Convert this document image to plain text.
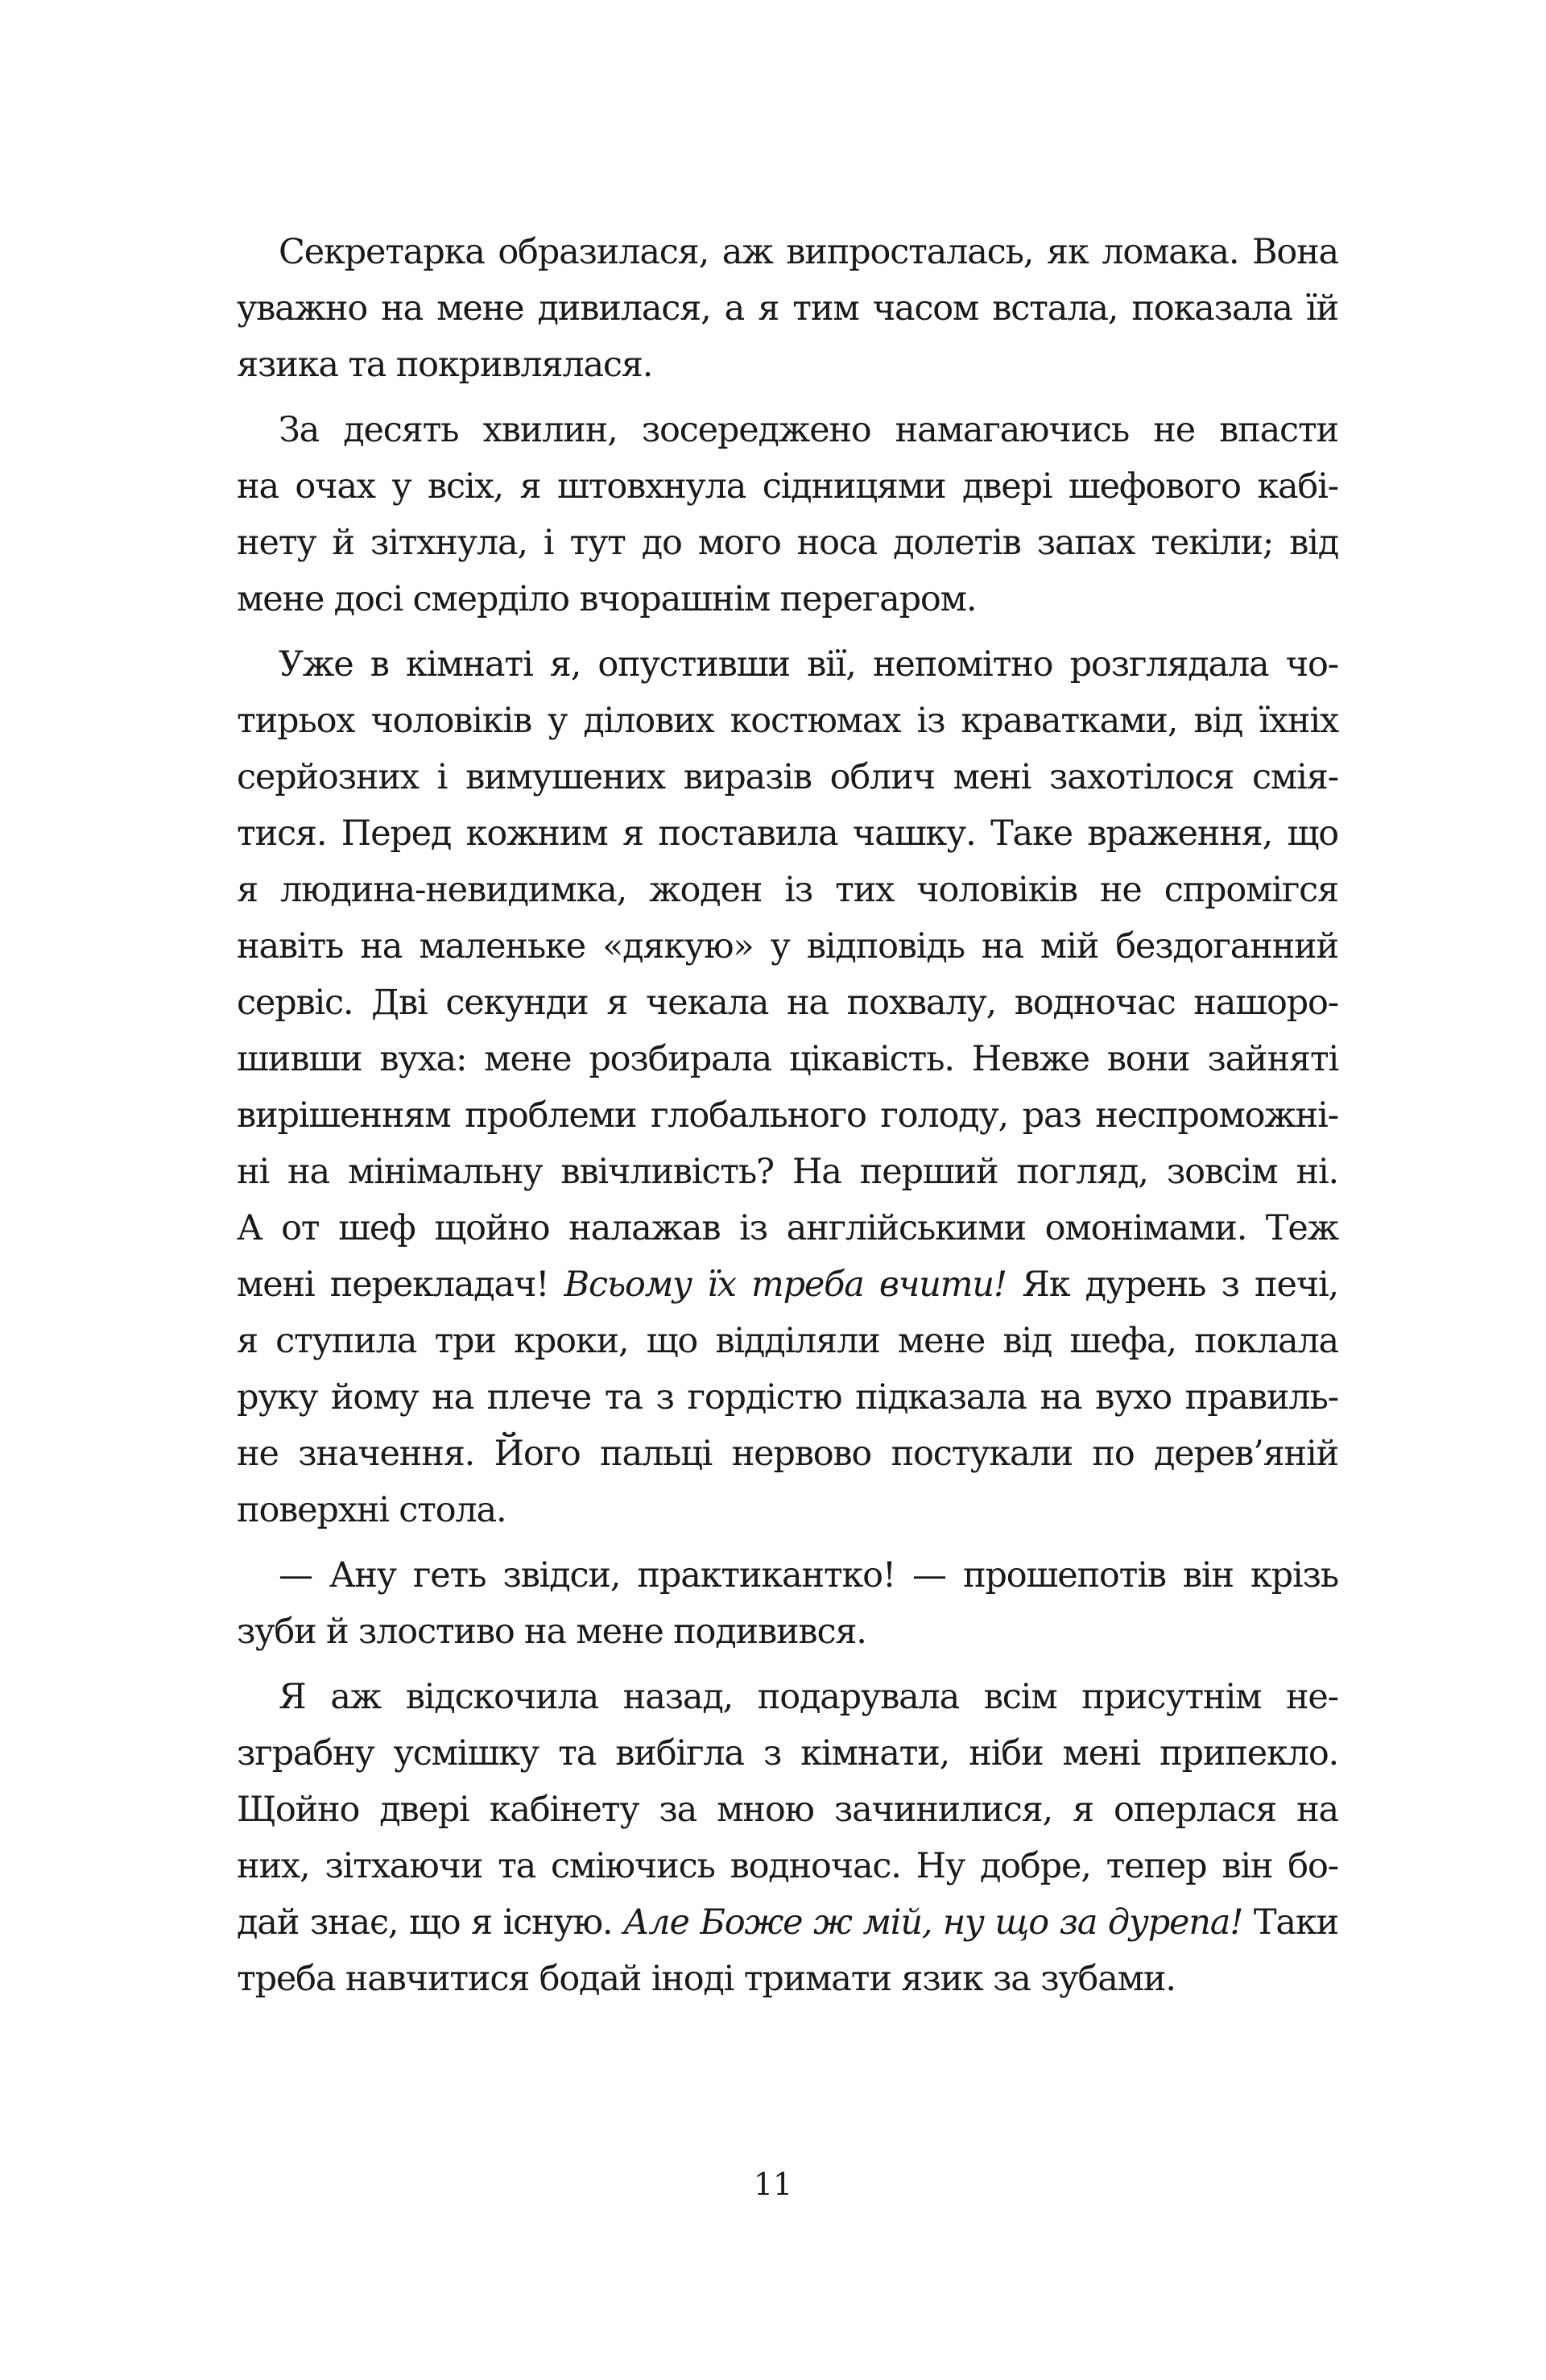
Секретарка образилася, аж випросталась, як ломака. Вона
уважно на мене дивилася, а я тим часом встала, показала їй
язика та покривлялася.
За десять хвилин, зосереджено намагаючись не впасти
на очах у всіх, я штовхнула сідницями двері шефового кабі-
нету й зітхнула, і тут до мого носа долетів запах текіли; від
мене досі смерділо вчорашнім перегаром.
Уже в кімнаті я, опустивши вії, непомітно розглядала чо-
тирьох чоловіків у ділових костюмах із краватками, від їхніх
серйозних і вимушених виразів облич мені захотілося смія-
тися. Перед кожним я поставила чашку. Таке враження, що
я людина-невидимка, жоден із тих чоловіків не спромігся
навіть на маленьке «дякую» у відповідь на мій бездоганний
сервіс. Дві секунди я чекала на похвалу, водночас нашоро-
шивши вуха: мене розбирала цікавість. Невже вони зайняті
вирішенням проблеми глобального голоду, раз неспроможні-
ні на мінімальну ввічливість? На перший погляд, зовсім ні.
А от шеф щойно налажав із англійськими омонімами. Теж
мені перекладач! Всьому їх треба вчити! Як дурень з печі,
я ступила три кроки, що відділяли мене від шефа, поклала
руку йому на плече та з гордістю підказала на вухо правиль-
не значення. Його пальці нервово постукали по дерев’яній
поверхні стола.
— Ану геть звідси, практикантко! — прошепотів він крізь
зуби й злостиво на мене подивився.
Я аж відскочила назад, подарувала всім присутнім не-
зграбну усмішку та вибігла з кімнати, ніби мені припекло.
Щойно двері кабінету за мною зачинилися, я оперлася на
них, зітхаючи та сміючись водночас. Ну добре, тепер він бо-
дай знає, що я існую. Але Боже ж мій, ну що за дурепа! Таки
треба навчитися бодай іноді тримати язик за зубами.
11
